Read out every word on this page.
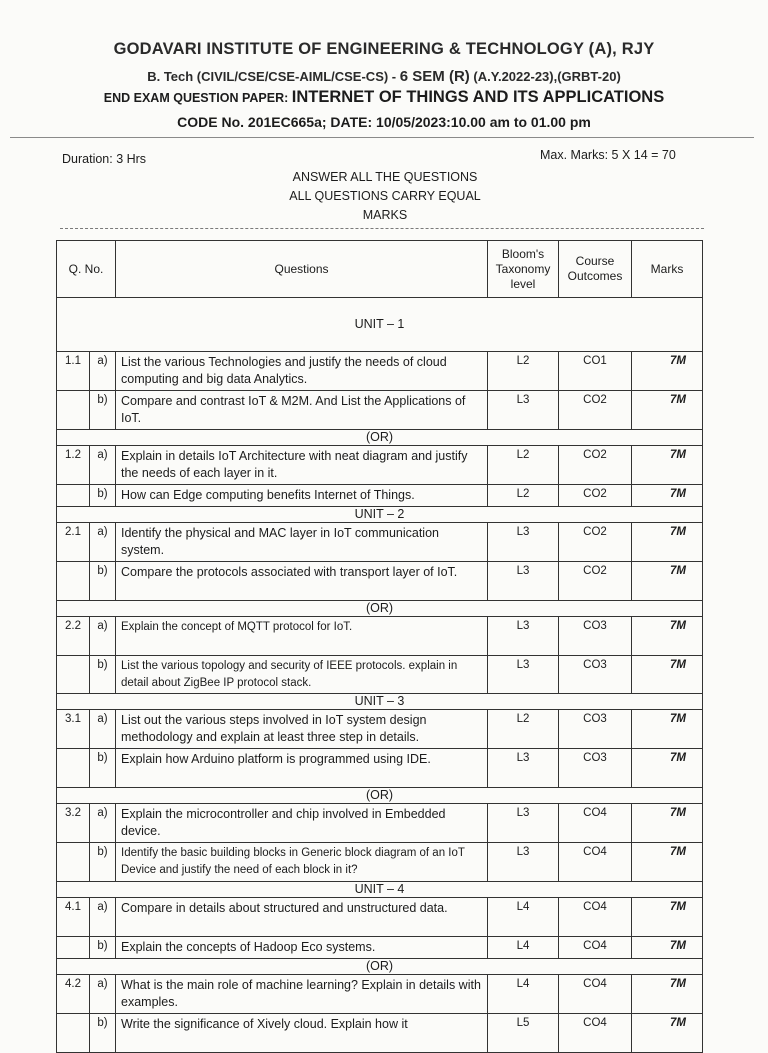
GODAVARI INSTITUTE OF ENGINEERING & TECHNOLOGY (A), RJY
B. Tech (CIVIL/CSE/CSE-AIML/CSE-CS) - 6 SEM (R) (A.Y.2022-23),(GRBT-20)
END EXAM QUESTION PAPER: INTERNET OF THINGS AND ITS APPLICATIONS
CODE No. 201EC665a; DATE: 10/05/2023:10.00 am to 01.00 pm
Duration: 3 Hrs	Max. Marks: 5 X 14 = 70
ANSWER ALL THE QUESTIONS
ALL QUESTIONS CARRY EQUAL
MARKS
Q. No.		Questions	Bloom's Taxonomy level	Course Outcomes	Marks
UNIT – 1					
1.1	a)	List the various Technologies and justify the needs of cloud computing and big data Analytics.	L2	CO1	7M
	b)	Compare and contrast IoT & M2M. And List the Applications of IoT.	L3	CO2	7M
(OR)					
1.2	a)	Explain in details IoT Architecture with neat diagram and justify the needs of each layer in it.	L2	CO2	7M
	b)	How can Edge computing benefits Internet of Things.	L2	CO2	7M
UNIT – 2					
2.1	a)	Identify the physical and MAC layer in IoT communication system.	L3	CO2	7M
	b)	Compare the protocols associated with transport layer of IoT.	L3	CO2	7M
(OR)					
2.2	a)	Explain the concept of MQTT protocol for IoT.	L3	CO3	7M
	b)	List the various topology and security of IEEE protocols. explain in detail about ZigBee IP protocol stack.	L3	CO3	7M
UNIT – 3					
3.1	a)	List out the various steps involved in IoT system design methodology and explain at least three step in details.	L2	CO3	7M
	b)	Explain how Arduino platform is programmed using IDE.	L3	CO3	7M
(OR)					
3.2	a)	Explain the microcontroller and chip involved in Embedded device.	L3	CO4	7M
	b)	Identify the basic building blocks in Generic block diagram of an IoT Device and justify the need of each block in it?	L3	CO4	7M
UNIT – 4					
4.1	a)	Compare in details about structured and unstructured data.	L4	CO4	7M
	b)	Explain the concepts of Hadoop Eco systems.	L4	CO4	7M
(OR)					
4.2	a)	What is the main role of machine learning? Explain in details with examples.	L4	CO4	7M
	b)	Write the significance of Xively cloud. Explain how it	L5	CO4	7M
